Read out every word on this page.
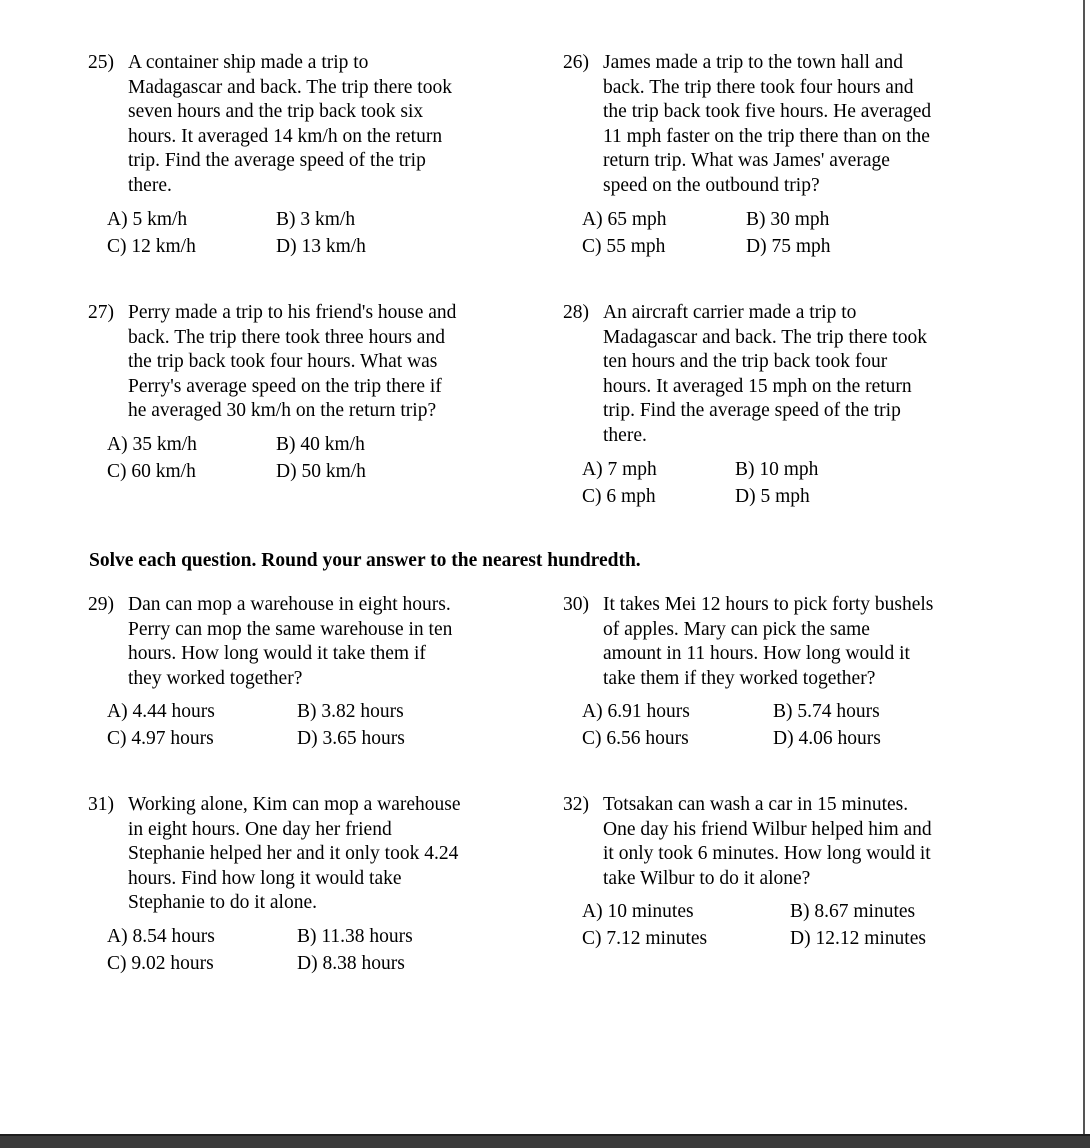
25) A container ship made a trip to
Madagascar and back. The trip there took
seven hours and the trip back took six
hours. It averaged 14 km/h on the return
trip. Find the average speed of the trip
there.
A) 5 km/h	B) 3 km/h
C) 12 km/h	D) 13 km/h
26) James made a trip to the town hall and
back. The trip there took four hours and
the trip back took five hours. He averaged
11 mph faster on the trip there than on the
return trip. What was James' average
speed on the outbound trip?
A) 65 mph	B) 30 mph
C) 55 mph	D) 75 mph
27) Perry made a trip to his friend's house and
back. The trip there took three hours and
the trip back took four hours. What was
Perry's average speed on the trip there if
he averaged 30 km/h on the return trip?
A) 35 km/h	B) 40 km/h
C) 60 km/h	D) 50 km/h
28) An aircraft carrier made a trip to
Madagascar and back. The trip there took
ten hours and the trip back took four
hours. It averaged 15 mph on the return
trip. Find the average speed of the trip
there.
A) 7 mph	B) 10 mph
C) 6 mph	D) 5 mph
Solve each question. Round your answer to the nearest hundredth.
29) Dan can mop a warehouse in eight hours.
Perry can mop the same warehouse in ten
hours. How long would it take them if
they worked together?
A) 4.44 hours	B) 3.82 hours
C) 4.97 hours	D) 3.65 hours
30) It takes Mei 12 hours to pick forty bushels
of apples. Mary can pick the same
amount in 11 hours. How long would it
take them if they worked together?
A) 6.91 hours	B) 5.74 hours
C) 6.56 hours	D) 4.06 hours
31) Working alone, Kim can mop a warehouse
in eight hours. One day her friend
Stephanie helped her and it only took 4.24
hours. Find how long it would take
Stephanie to do it alone.
A) 8.54 hours	B) 11.38 hours
C) 9.02 hours	D) 8.38 hours
32) Totsakan can wash a car in 15 minutes.
One day his friend Wilbur helped him and
it only took 6 minutes. How long would it
take Wilbur to do it alone?
A) 10 minutes	B) 8.67 minutes
C) 7.12 minutes	D) 12.12 minutes
